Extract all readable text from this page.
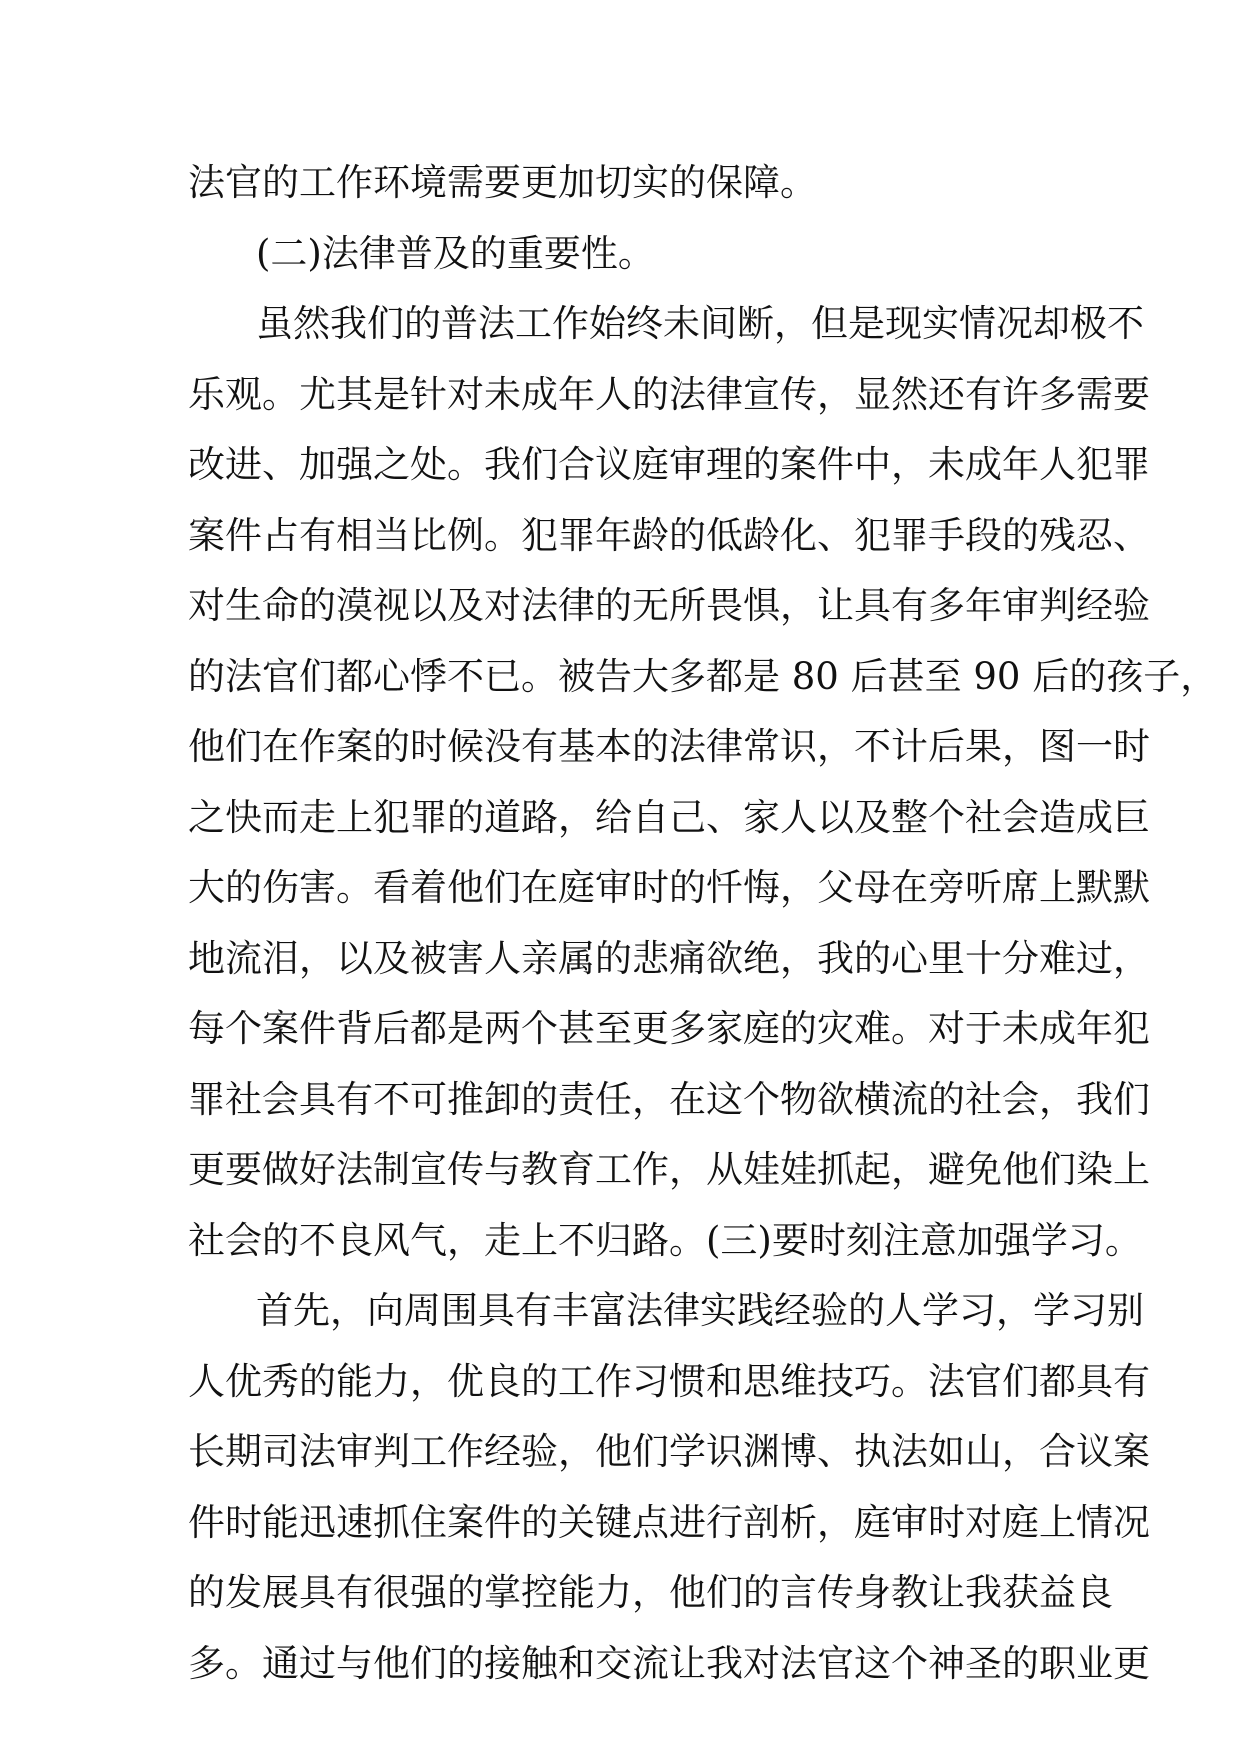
法官的工作环境需要更加切实的保障。
(二)法律普及的重要性。
虽然我们的普法工作始终未间断，但是现实情况却极不
乐观。尤其是针对未成年人的法律宣传，显然还有许多需要
改进、加强之处。我们合议庭审理的案件中，未成年人犯罪
案件占有相当比例。犯罪年龄的低龄化、犯罪手段的残忍、
对生命的漠视以及对法律的无所畏惧，让具有多年审判经验
的法官们都心悸不已。被告大多都是 80 后甚至 90 后的孩子，
他们在作案的时候没有基本的法律常识，不计后果，图一时
之快而走上犯罪的道路，给自己、家人以及整个社会造成巨
大的伤害。看着他们在庭审时的忏悔，父母在旁听席上默默
地流泪，以及被害人亲属的悲痛欲绝，我的心里十分难过，
每个案件背后都是两个甚至更多家庭的灾难。对于未成年犯
罪社会具有不可推卸的责任，在这个物欲横流的社会，我们
更要做好法制宣传与教育工作，从娃娃抓起，避免他们染上
社会的不良风气，走上不归路。(三)要时刻注意加强学习。
首先，向周围具有丰富法律实践经验的人学习，学习别
人优秀的能力，优良的工作习惯和思维技巧。法官们都具有
长期司法审判工作经验，他们学识渊博、执法如山，合议案
件时能迅速抓住案件的关键点进行剖析，庭审时对庭上情况
的发展具有很强的掌控能力，他们的言传身教让我获益良
多。通过与他们的接触和交流让我对法官这个神圣的职业更
